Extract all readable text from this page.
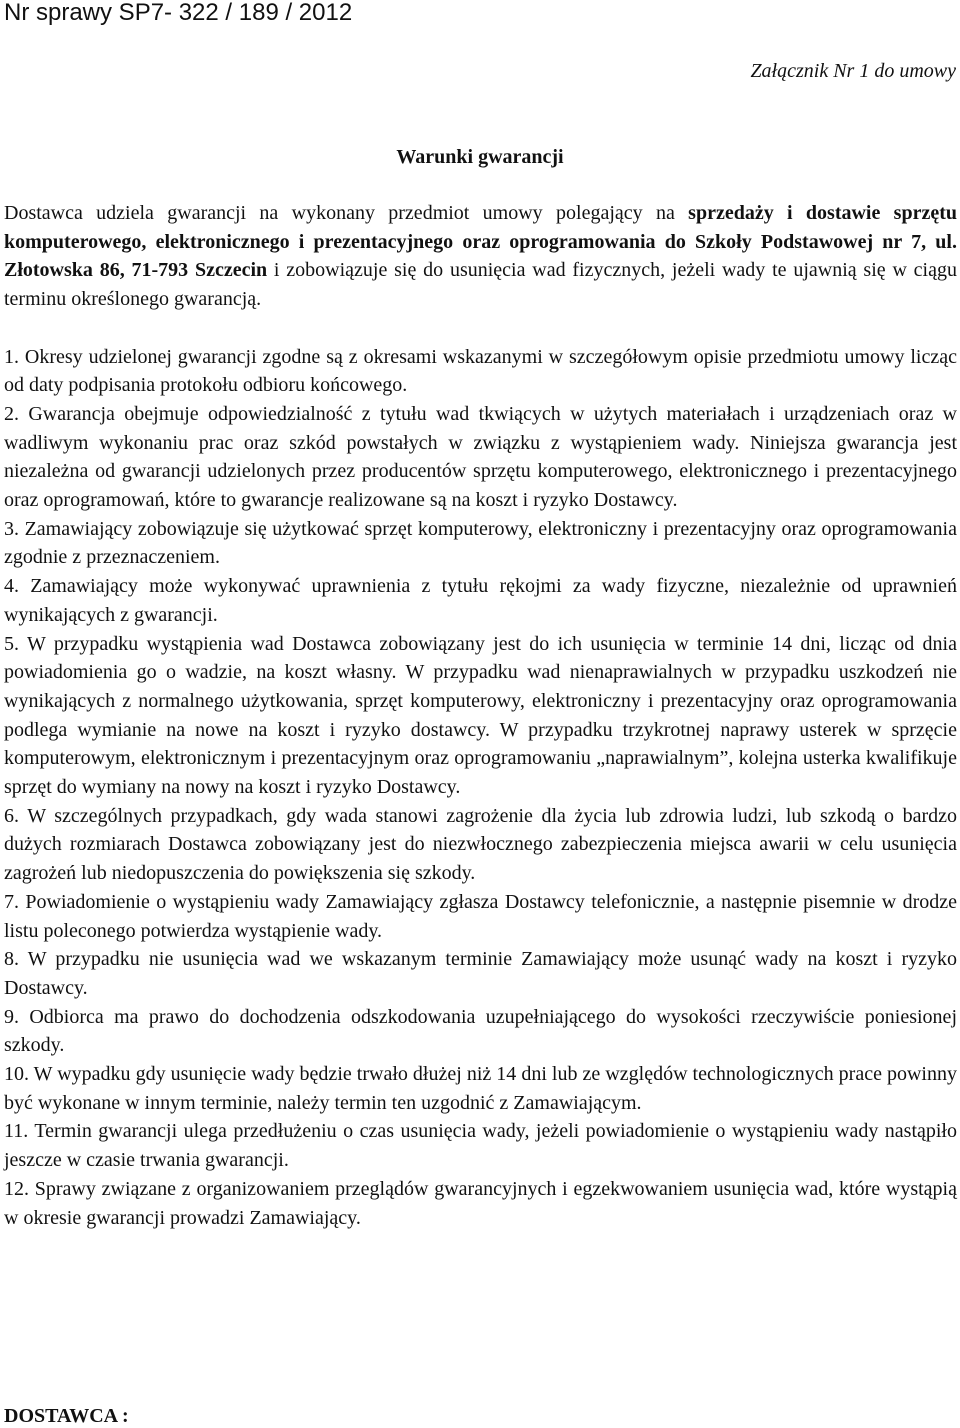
Nr sprawy SP7- 322 / 189 / 2012
Załącznik Nr 1 do umowy
Warunki gwarancji

Dostawca udziela gwarancji na wykonany przedmiot umowy polegający na sprzedaży i dostawie sprzętu komputerowego, elektronicznego i prezentacyjnego oraz oprogramowania do Szkoły Podstawowej nr 7, ul. Złotowska 86, 71-793 Szczecin i zobowiązuje się do usunięcia wad fizycznych, jeżeli wady te ujawnią się w ciągu terminu określonego gwarancją.

1. Okresy udzielonej gwarancji zgodne są z okresami wskazanymi w szczegółowym opisie przedmiotu umowy licząc od daty podpisania protokołu odbioru końcowego.

2. Gwarancja obejmuje odpowiedzialność z tytułu wad tkwiących w użytych materiałach i urządzeniach oraz w wadliwym wykonaniu prac oraz szkód powstałych w związku z wystąpieniem wady. Niniejsza gwarancja jest niezależna od gwarancji udzielonych przez producentów sprzętu komputerowego, elektronicznego i prezentacyjnego oraz oprogramowań, które to gwarancje realizowane są na koszt i ryzyko Dostawcy.

3. Zamawiający zobowiązuje się użytkować sprzęt komputerowy, elektroniczny i prezentacyjny oraz oprogramowania zgodnie z przeznaczeniem.

4. Zamawiający może wykonywać uprawnienia z tytułu rękojmi za wady fizyczne, niezależnie od uprawnień wynikających z gwarancji.

5. W przypadku wystąpienia wad Dostawca zobowiązany jest do ich usunięcia w terminie 14 dni, licząc od dnia powiadomienia go o wadzie, na koszt własny. W przypadku wad nienaprawialnych w przypadku uszkodzeń nie wynikających z normalnego użytkowania, sprzęt komputerowy, elektroniczny i prezentacyjny oraz oprogramowania podlega wymianie na nowe na koszt i ryzyko dostawcy. W przypadku trzykrotnej naprawy usterek w sprzęcie komputerowym, elektronicznym i prezentacyjnym oraz oprogramowaniu „naprawialnym”, kolejna usterka kwalifikuje sprzęt do wymiany na nowy na koszt i ryzyko Dostawcy.

6. W szczególnych przypadkach, gdy wada stanowi zagrożenie dla życia lub zdrowia ludzi, lub szkodą o bardzo dużych rozmiarach Dostawca zobowiązany jest do niezwłocznego zabezpieczenia miejsca awarii w celu usunięcia zagrożeń lub niedopuszczenia do powiększenia się szkody.

7. Powiadomienie o wystąpieniu wady Zamawiający zgłasza Dostawcy telefonicznie, a następnie pisemnie w drodze listu poleconego potwierdza wystąpienie wady.

8. W przypadku nie usunięcia wad we wskazanym terminie Zamawiający może usunąć wady na koszt i ryzyko Dostawcy.

9. Odbiorca ma prawo do dochodzenia odszkodowania uzupełniającego do wysokości rzeczywiście poniesionej szkody.

10. W wypadku gdy usunięcie wady będzie trwało dłużej niż 14 dni lub ze względów technologicznych prace powinny być wykonane w innym terminie, należy termin ten uzgodnić z Zamawiającym.

11. Termin gwarancji ulega przedłużeniu o czas usunięcia wady, jeżeli powiadomienie o wystąpieniu wady nastąpiło jeszcze w czasie trwania gwarancji.

12. Sprawy związane z organizowaniem przeglądów gwarancyjnych i egzekwowaniem usunięcia wad, które wystąpią w okresie gwarancji prowadzi Zamawiający.

DOSTAWCA :
